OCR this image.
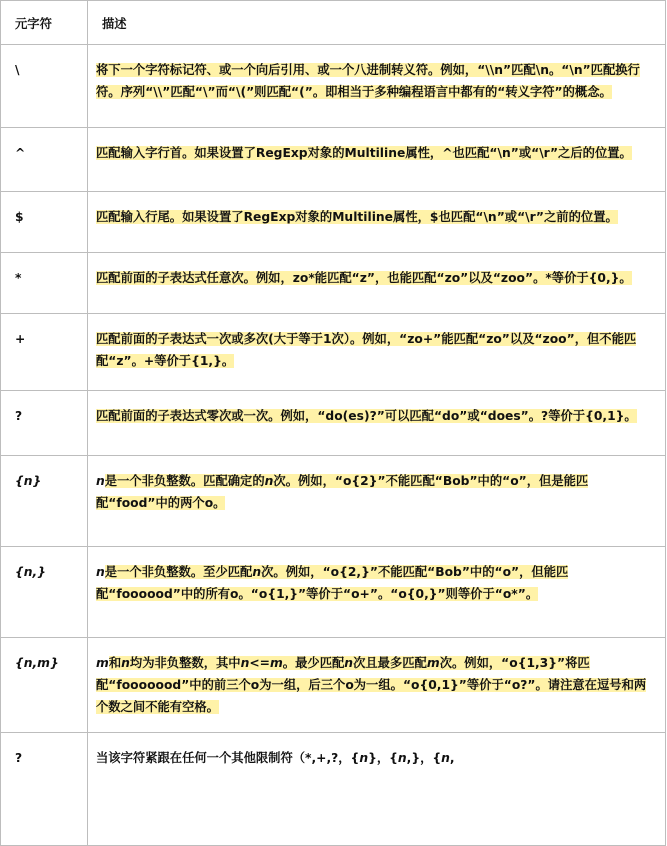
元字符	描述
\	将下一个字符标记符、或一个向后引用、或一个八进制转义符。例如，“\\n”匹配\n。“\n”匹配换行符。序列“\\”匹配“\”而“\(”则匹配“(”。即相当于多种编程语言中都有的“转义字符”的概念。
^	匹配输入字行首。如果设置了RegExp对象的Multiline属性，^也匹配“\n”或“\r”之后的位置。
$	匹配输入行尾。如果设置了RegExp对象的Multiline属性，$也匹配“\n”或“\r”之前的位置。
*	匹配前面的子表达式任意次。例如，zo*能匹配“z”，也能匹配“zo”以及“zoo”。*等价于{0,}。
+	匹配前面的子表达式一次或多次(大于等于1次）。例如，“zo+”能匹配“zo”以及“zoo”，但不能匹配“z”。+等价于{1,}。
?	匹配前面的子表达式零次或一次。例如，“do(es)?”可以匹配“do”或“does”。?等价于{0,1}。
{n}	n是一个非负整数。匹配确定的n次。例如，“o{2}”不能匹配“Bob”中的“o”，但是能匹配“food”中的两个o。
{n,}	n是一个非负整数。至少匹配n次。例如，“o{2,}”不能匹配“Bob”中的“o”，但能匹配“foooood”中的所有o。“o{1,}”等价于“o+”。“o{0,}”则等价于“o*”。
{n,m}	m和n均为非负整数，其中n<=m。最少匹配n次且最多匹配m次。例如，“o{1,3}”将匹配“fooooood”中的前三个o为一组，后三个o为一组。“o{0,1}”等价于“o?”。请注意在逗号和两个数之间不能有空格。
?	当该字符紧跟在任何一个其他限制符（*,+,?，{n}，{n,}，{n,
